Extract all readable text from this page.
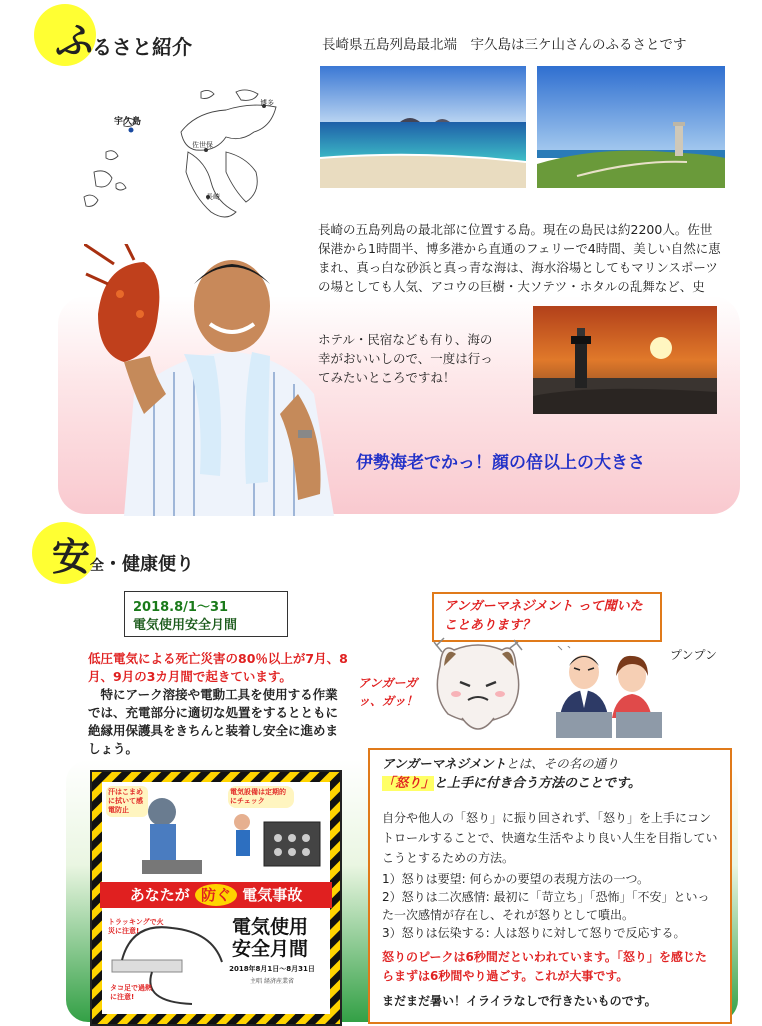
ふるさと紹介	長崎県五島列島最北端　宇久島は三ケ山さんのふるさとです
宇久島
博多
佐世保
長崎
長崎の五島列島の最北部に位置する島。現在の島民は約2200人。佐世保港から1時間半、博多港から直通のフェリーで4時間、美しい自然に恵まれ、真っ白な砂浜と真っ青な海は、海水浴場としてもマリンスポーツの場としても人気、アコウの巨樹・大ソテツ・ホタルの乱舞など、史
ホテル・民宿なども有り、海の幸がおいいしので、一度は行ってみたいところですね！
伊勢海老でかっ！顔の倍以上の大きさ
安全・健康便り
2018.8/1～31
電気使用安全月間
低圧電気による死亡災害の80％以上が7月、8月、9月の3カ月間で起きています。
特にアーク溶接や電動工具を使用する作業では、充電部分に適切な処置をするとともに絶縁用保護具をきちんと装着し安全に進めましょう。
汗はこまめに拭いて感電防止
電気設備は定期的にチェック
あなたが 防ぐ 電気事故
トラッキングで火災に注意!
タコ足で過熱に注意!
電気使用安全月間
2018年8月1日～8月31日
主唱 経済産業省
アンガーマネジメント って聞いたことあります？
アンガーガッ、ガッ！
プンプン
アンガーマネジメントとは、その名の通り
「怒り」と上手に付き合う方法のことです。
自分や他人の「怒り」に振り回されず、「怒り」を上手にコントロールすることで、快適な生活やより良い人生を目指していこうとするための方法。
1）怒りは要望: 何らかの要望の表現方法の一つ。
2）怒りは二次感情: 最初に「苛立ち」「恐怖」「不安」といった一次感情が存在し、それが怒りとして噴出。
3）怒りは伝染する: 人は怒りに対して怒りで反応する。
怒りのピークは6秒間だといわれています。「怒り」を感じたらまずは6秒間やり過ごす。これが大事です。
まだまだ暑い！イライラなしで行きたいものです。
